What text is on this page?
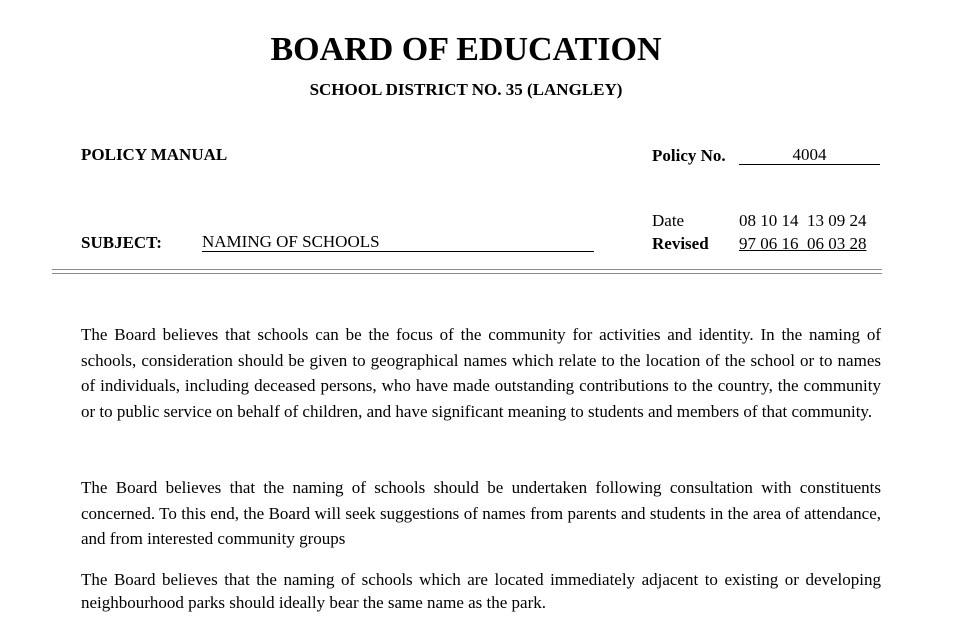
BOARD OF EDUCATION
SCHOOL DISTRICT NO. 35 (LANGLEY)
POLICY MANUAL	Policy No.	4004
Date	08 10 14  13 09 24
SUBJECT: NAMING OF SCHOOLS	Revised 97 06 16  06 03 28

The Board believes that schools can be the focus of the community for activities and identity. In the naming of schools, consideration should be given to geographical names which relate to the location of the school or to names of individuals, including deceased persons, who have made outstanding contributions to the country, the community or to public service on behalf of children, and have significant meaning to students and members of that community.

The Board believes that the naming of schools should be undertaken following consultation with constituents concerned. To this end, the Board will seek suggestions of names from parents and students in the area of attendance, and from interested community groups

The Board believes that the naming of schools which are located immediately adjacent to existing or developing neighbourhood parks should ideally bear the same name as the park.
